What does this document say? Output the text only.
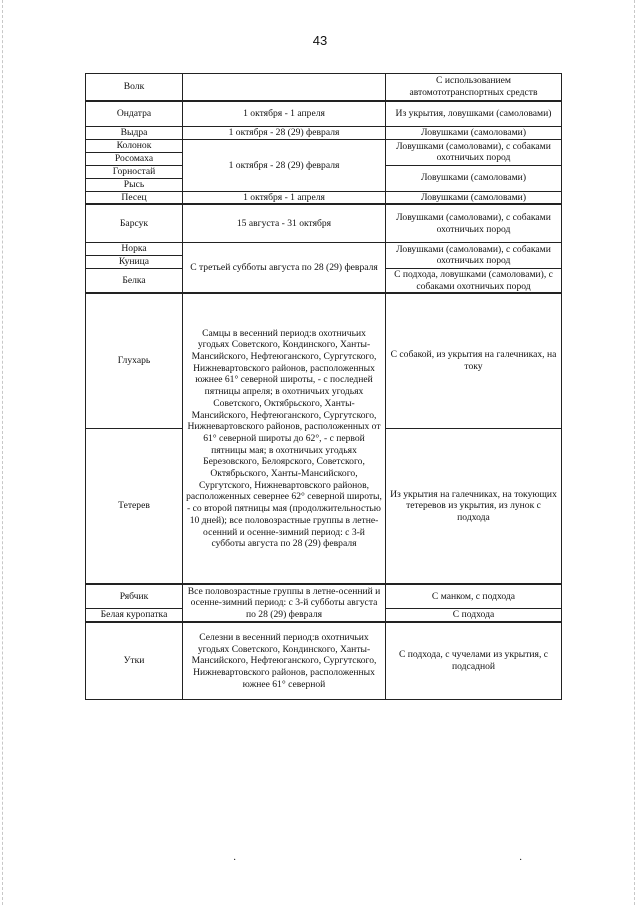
43
Волк		С использованием автомототранспортных средств
Ондатра	1 октября - 1 апреля	Из укрытия, ловушками (самоловами)
Выдра	1 октября - 28 (29) февраля	Ловушками (самоловами)
Колонок	1 октября - 28 (29) февраля	Ловушками (самоловами), с собаками охотничьих пород
Росомаха		
Горностай		Ловушками (самоловами)
Рысь		
Песец	1 октября - 1 апреля	Ловушками (самоловами)
Барсук	15 августа - 31 октября	Ловушками (самоловами), с собаками охотничьих пород
Норка	С третьей субботы августа по 28 (29) февраля	Ловушками (самоловами), с собаками охотничьих пород
Куница		
Белка		С подхода, ловушками (самоловами), с собаками охотничьих пород
Глухарь	Самцы в весенний период:в охотничьих угодьях Советского, Кондинского, Ханты-Мансийского, Нефтеюганского, Сургутского, Нижневартовского районов, расположенных южнее 61° северной широты, - с последней пятницы апреля; в охотничьих угодьях Советского, Октябрьского, Ханты-Мансийского, Нефтеюганского, Сургутского, Нижневартовского районов, расположенных от 61° северной широты до 62°, - с первой пятницы мая; в охотничьих угодьях Березовского, Белоярского, Советского, Октябрьского, Ханты-Мансийского, Сургутского, Нижневартовского районов, расположенных севернее 62° северной широты, - со второй пятницы мая (продолжительностью 10 дней); все половозрастные группы в летне-осенний и осенне-зимний период: с 3-й субботы августа по 28 (29) февраля	С собакой, из укрытия на галечниках, на току
Тетерев		Из укрытия на галечниках, на токующих тетеревов из укрытия, из лунок с подхода
Рябчик	Все половозрастные группы в летне-осенний и осенне-зимний период: с 3-й субботы августа по 28 (29) февраля	С манком, с подхода
Белая куропатка		С подхода
Утки	Селезни в весенний период:в охотничьих угодьях Советского, Кондинского, Ханты-Мансийского, Нефтеюганского, Сургутского, Нижневартовского районов, расположенных южнее 61° северной	С подхода, с чучелами из укрытия, с подсадной
·	·
